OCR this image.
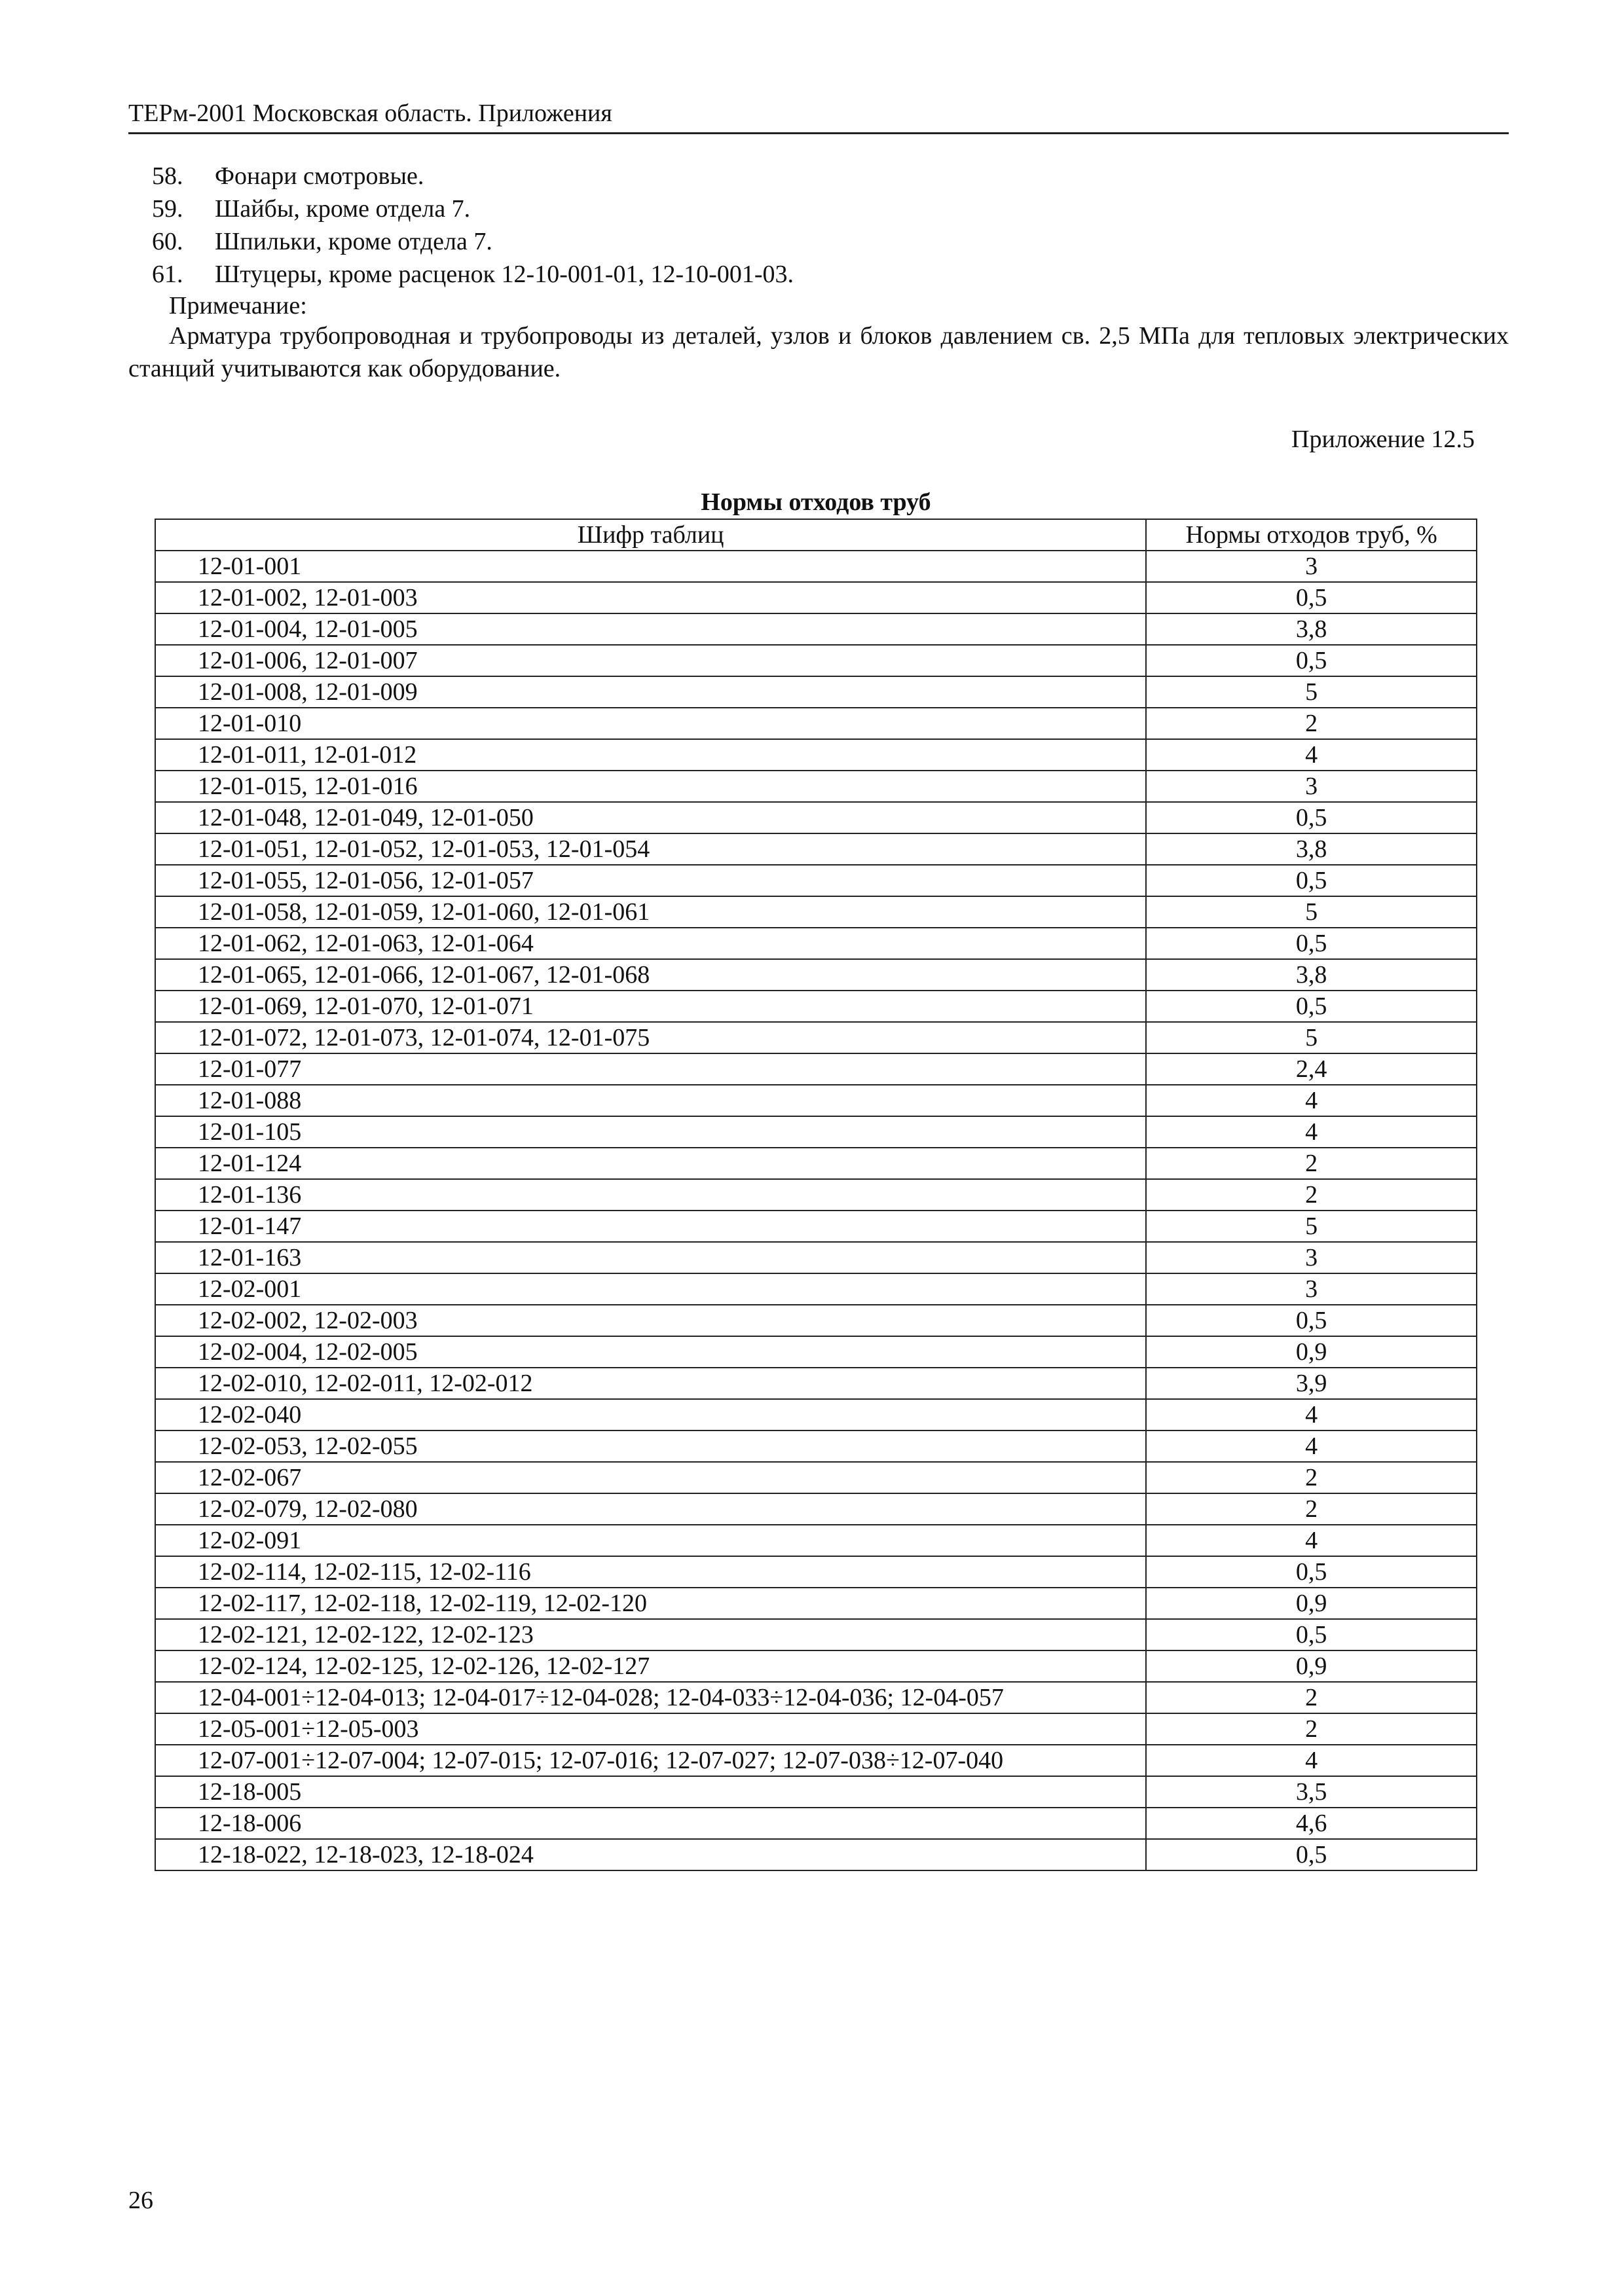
ТЕРм-2001 Московская область. Приложения
58. Фонари смотровые.
59. Шайбы, кроме отдела 7.
60. Шпильки, кроме отдела 7.
61. Штуцеры, кроме расценок 12-10-001-01, 12-10-001-03.
Примечание:
Арматура трубопроводная и трубопроводы из деталей, узлов и блоков давлением св. 2,5 МПа для тепловых электрических станций учитываются как оборудование.
Приложение 12.5
Нормы отходов труб
Шифр таблиц	Нормы отходов труб, %
12-01-001	3
12-01-002, 12-01-003	0,5
12-01-004, 12-01-005	3,8
12-01-006, 12-01-007	0,5
12-01-008, 12-01-009	5
12-01-010	2
12-01-011, 12-01-012	4
12-01-015, 12-01-016	3
12-01-048, 12-01-049, 12-01-050	0,5
12-01-051, 12-01-052, 12-01-053, 12-01-054	3,8
12-01-055, 12-01-056, 12-01-057	0,5
12-01-058, 12-01-059, 12-01-060, 12-01-061	5
12-01-062, 12-01-063, 12-01-064	0,5
12-01-065, 12-01-066, 12-01-067, 12-01-068	3,8
12-01-069, 12-01-070, 12-01-071	0,5
12-01-072, 12-01-073, 12-01-074, 12-01-075	5
12-01-077	2,4
12-01-088	4
12-01-105	4
12-01-124	2
12-01-136	2
12-01-147	5
12-01-163	3
12-02-001	3
12-02-002, 12-02-003	0,5
12-02-004, 12-02-005	0,9
12-02-010, 12-02-011, 12-02-012	3,9
12-02-040	4
12-02-053, 12-02-055	4
12-02-067	2
12-02-079, 12-02-080	2
12-02-091	4
12-02-114, 12-02-115, 12-02-116	0,5
12-02-117, 12-02-118, 12-02-119, 12-02-120	0,9
12-02-121, 12-02-122, 12-02-123	0,5
12-02-124, 12-02-125, 12-02-126, 12-02-127	0,9
12-04-001÷12-04-013; 12-04-017÷12-04-028; 12-04-033÷12-04-036; 12-04-057	2
12-05-001÷12-05-003	2
12-07-001÷12-07-004; 12-07-015; 12-07-016; 12-07-027; 12-07-038÷12-07-040	4
12-18-005	3,5
12-18-006	4,6
12-18-022, 12-18-023, 12-18-024	0,5
26
